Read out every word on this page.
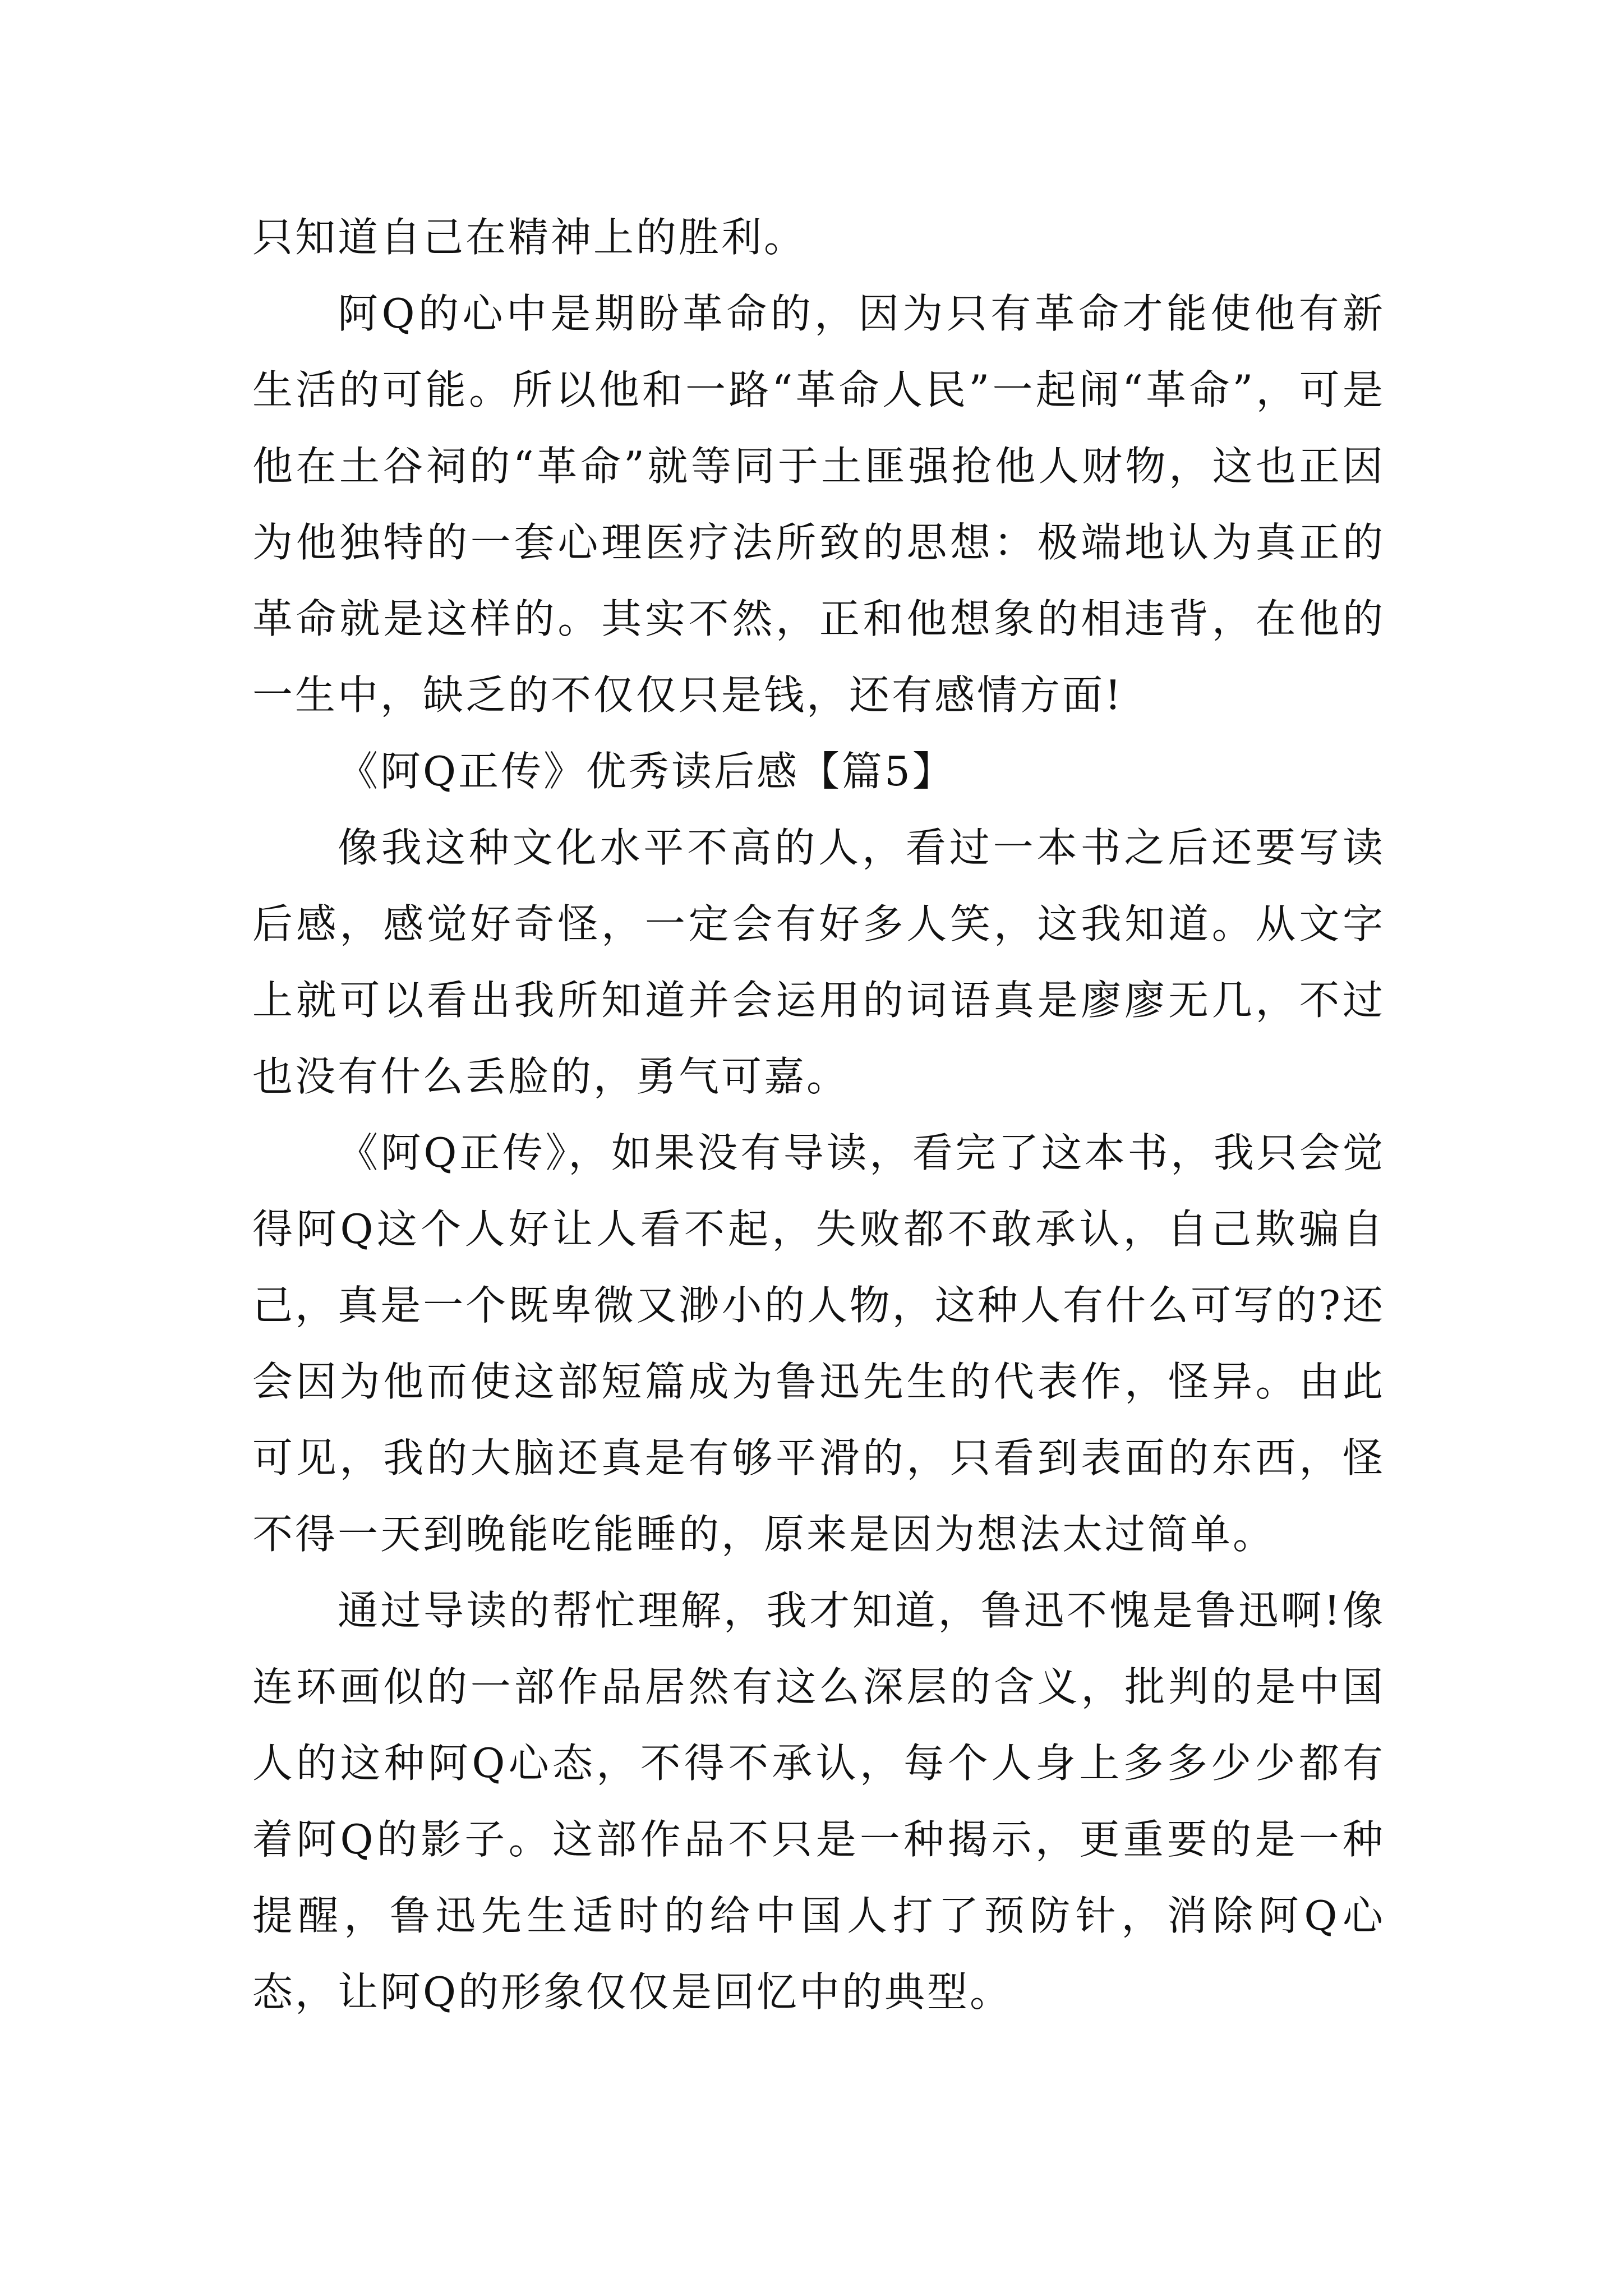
只知道自己在精神上的胜利。

阿Q的心中是期盼革命的，因为只有革命才能使他有新生活的可能。所以他和一路“革命人民”一起闹“革命”，可是他在土谷祠的“革命”就等同于土匪强抢他人财物，这也正因为他独特的一套心理医疗法所致的思想：极端地认为真正的革命就是这样的。其实不然，正和他想象的相违背，在他的一生中，缺乏的不仅仅只是钱，还有感情方面!

《阿Q正传》优秀读后感【篇5】

像我这种文化水平不高的人，看过一本书之后还要写读后感，感觉好奇怪，一定会有好多人笑，这我知道。从文字上就可以看出我所知道并会运用的词语真是廖廖无几，不过也没有什么丢脸的，勇气可嘉。

《阿Q正传》，如果没有导读，看完了这本书，我只会觉得阿Q这个人好让人看不起，失败都不敢承认，自己欺骗自己，真是一个既卑微又渺小的人物，这种人有什么可写的?还会因为他而使这部短篇成为鲁迅先生的代表作，怪异。由此可见，我的大脑还真是有够平滑的，只看到表面的东西，怪不得一天到晚能吃能睡的，原来是因为想法太过简单。

通过导读的帮忙理解，我才知道，鲁迅不愧是鲁迅啊!像连环画似的一部作品居然有这么深层的含义，批判的是中国人的这种阿Q心态，不得不承认，每个人身上多多少少都有着阿Q的影子。这部作品不只是一种揭示，更重要的是一种提醒，鲁迅先生适时的给中国人打了预防针，消除阿Q心态，让阿Q的形象仅仅是回忆中的典型。
